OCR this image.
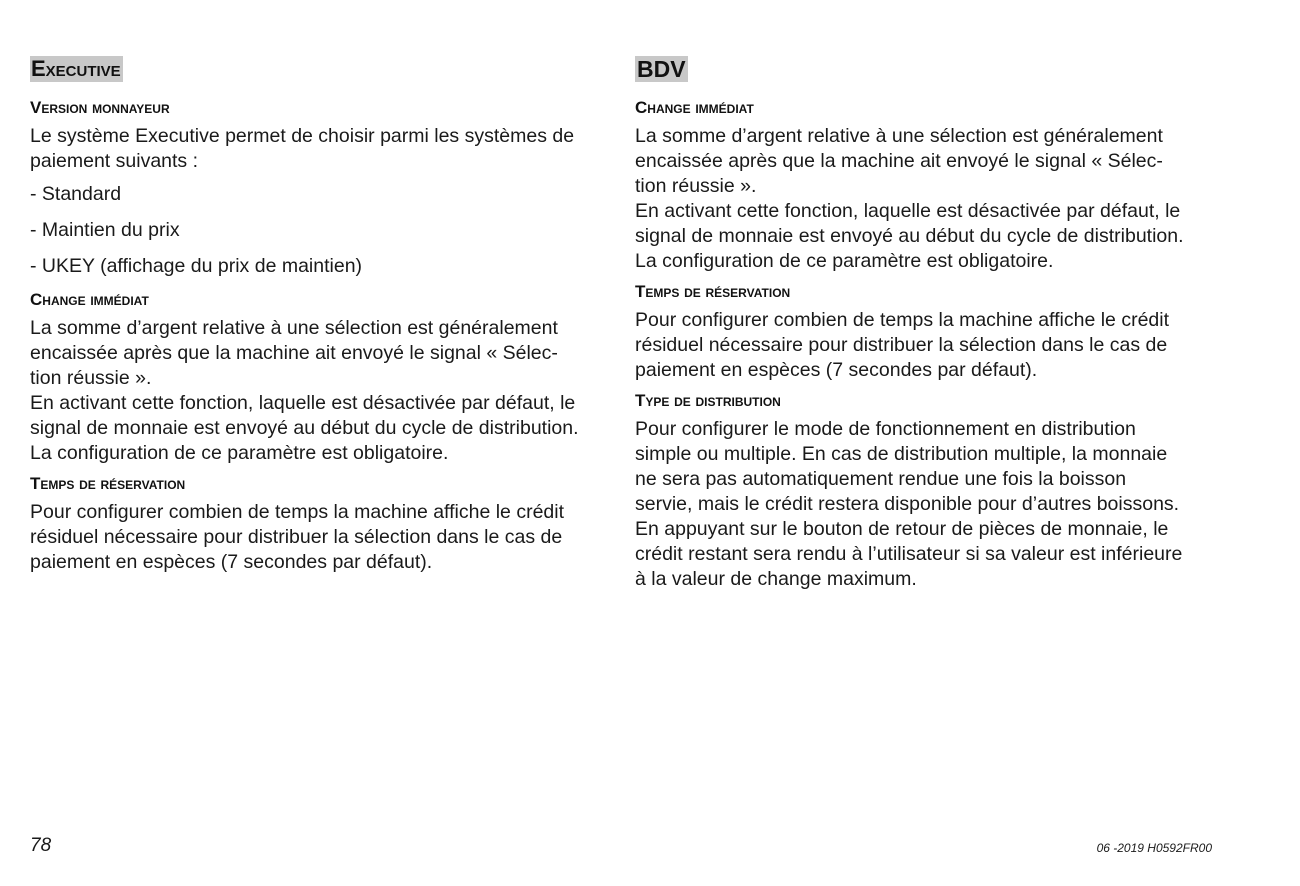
Executive
Version monnayeur
Le système Executive permet de choisir parmi les systèmes de
paiement suivants :
- Standard
- Maintien du prix
- UKEY (affichage du prix de maintien)
Change immédiat
La somme d’argent relative à une sélection est généralement
encaissée après que la machine ait envoyé le signal « Sélec-
tion réussie ».
En activant cette fonction, laquelle est désactivée par défaut, le
signal de monnaie est envoyé au début du cycle de distribution.
La configuration de ce paramètre est obligatoire.
Temps de réservation
Pour configurer combien de temps la machine affiche le crédit
résiduel nécessaire pour distribuer la sélection dans le cas de
paiement en espèces (7 secondes par défaut).
BDV
Change immédiat
La somme d’argent relative à une sélection est généralement
encaissée après que la machine ait envoyé le signal « Sélec-
tion réussie ».
En activant cette fonction, laquelle est désactivée par défaut, le
signal de monnaie est envoyé au début du cycle de distribution.
La configuration de ce paramètre est obligatoire.
Temps de réservation
Pour configurer combien de temps la machine affiche le crédit
résiduel nécessaire pour distribuer la sélection dans le cas de
paiement en espèces (7 secondes par défaut).
Type de distribution
Pour configurer le mode de fonctionnement en distribution
simple ou multiple. En cas de distribution multiple, la monnaie
ne sera pas automatiquement rendue une fois la boisson
servie, mais le crédit restera disponible pour d’autres boissons.
En appuyant sur le bouton de retour de pièces de monnaie, le
crédit restant sera rendu à l’utilisateur si sa valeur est inférieure
à la valeur de change maximum.
78	06 -2019 H0592FR00
